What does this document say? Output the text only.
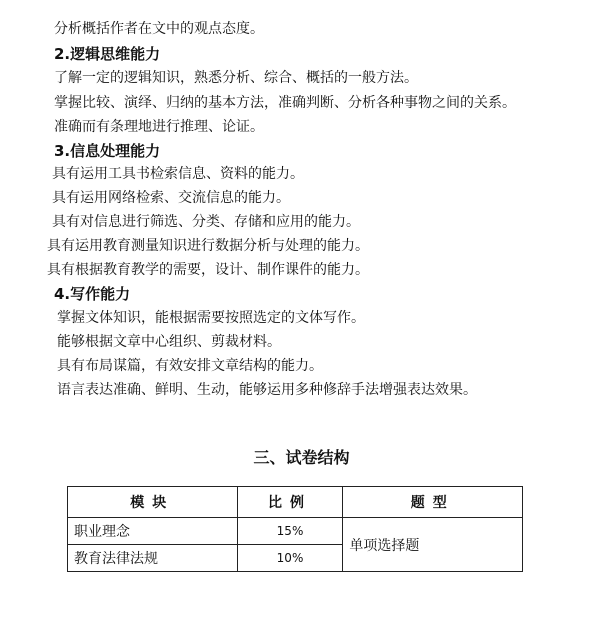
分析概括作者在文中的观点态度。
2.逻辑思维能力
了解一定的逻辑知识，熟悉分析、综合、概括的一般方法。
掌握比较、演绎、归纳的基本方法，准确判断、分析各种事物之间的关系。
准确而有条理地进行推理、论证。
3.信息处理能力
具有运用工具书检索信息、资料的能力。
具有运用网络检索、交流信息的能力。
具有对信息进行筛选、分类、存储和应用的能力。
具有运用教育测量知识进行数据分析与处理的能力。
具有根据教育教学的需要，设计、制作课件的能力。
4.写作能力
掌握文体知识，能根据需要按照选定的文体写作。
能够根据文章中心组织、剪裁材料。
具有布局谋篇，有效安排文章结构的能力。
语言表达准确、鲜明、生动，能够运用多种修辞手法增强表达效果。
三、试卷结构
模块	比例	题型
职业理念	15%	单项选择题
教育法律法规	10%	
